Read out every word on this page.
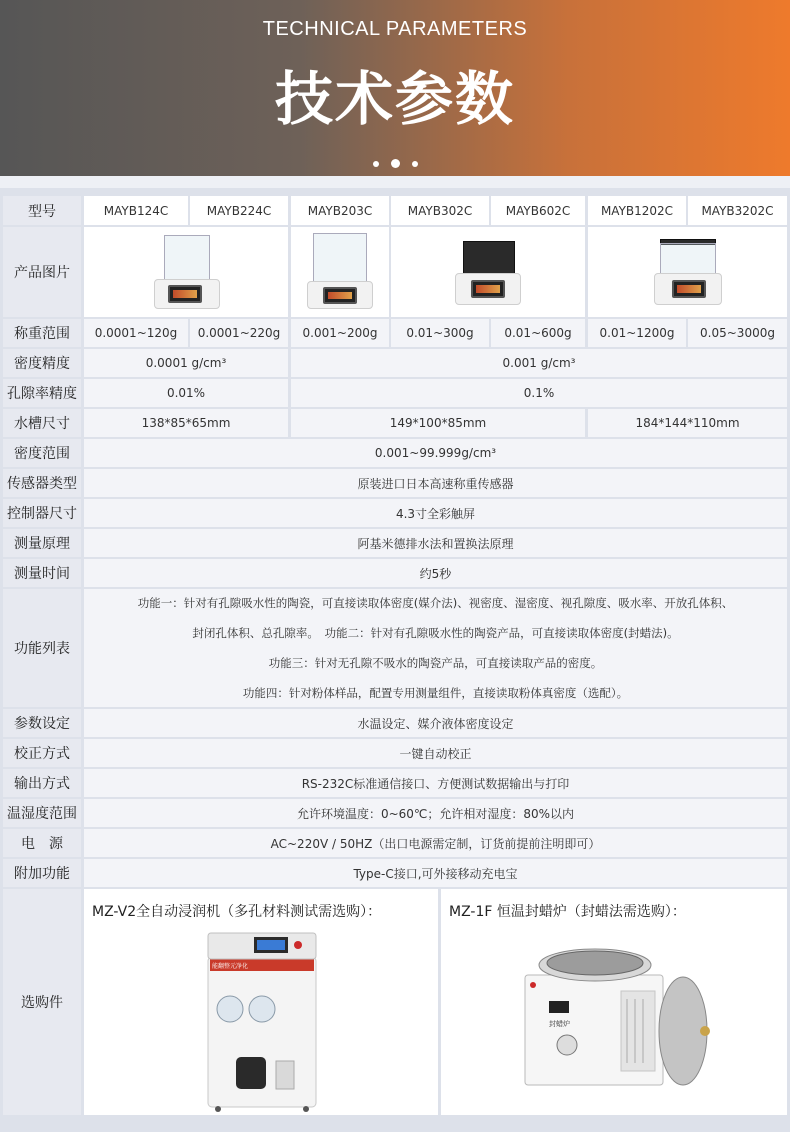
TECHNICAL PARAMETERS
技术参数
型号	MAYB124C	MAYB224C	MAYB203C	MAYB302C	MAYB602C	MAYB1202C	MAYB3202C
产品图片
称重范围	0.0001~120g	0.0001~220g	0.001~200g	0.01~300g	0.01~600g	0.01~1200g	0.05~3000g
密度精度	0.0001 g/cm³	0.001 g/cm³
孔隙率精度	0.01%	0.1%
水槽尺寸	138*85*65mm	149*100*85mm	184*144*110mm
密度范围	0.001~99.999g/cm³
传感器类型	原装进口日本高速称重传感器
控制器尺寸	4.3寸全彩触屏
测量原理	阿基米德排水法和置换法原理
测量时间	约5秒
功能列表
功能一：针对有孔隙吸水性的陶瓷，可直接读取体密度(媒介法)、视密度、湿密度、视孔隙度、吸水率、开放孔体积、
封闭孔体积、总孔隙率。　功能二：针对有孔隙吸水性的陶瓷产品，可直接读取体密度(封蜡法)。
功能三：针对无孔隙不吸水的陶瓷产品，可直接读取产品的密度。
功能四：针对粉体样品，配置专用测量组件，直接读取粉体真密度（选配）。
参数设定	水温设定、媒介液体密度设定
校正方式	一键自动校正
输出方式	RS-232C标准通信接口、方便测试数据输出与打印
温湿度范围	允许环境温度：0~60℃；允许相对湿度：80%以内
电　源	AC~220V / 50HZ（出口电源需定制，订货前提前注明即可）
附加功能	Type-C接口,可外接移动充电宝
选购件
MZ-V2全自动浸润机（多孔材料测试需选购）：
能翻整元净化
MZ-1F 恒温封蜡炉（封蜡法需选购）：
封蜡炉
